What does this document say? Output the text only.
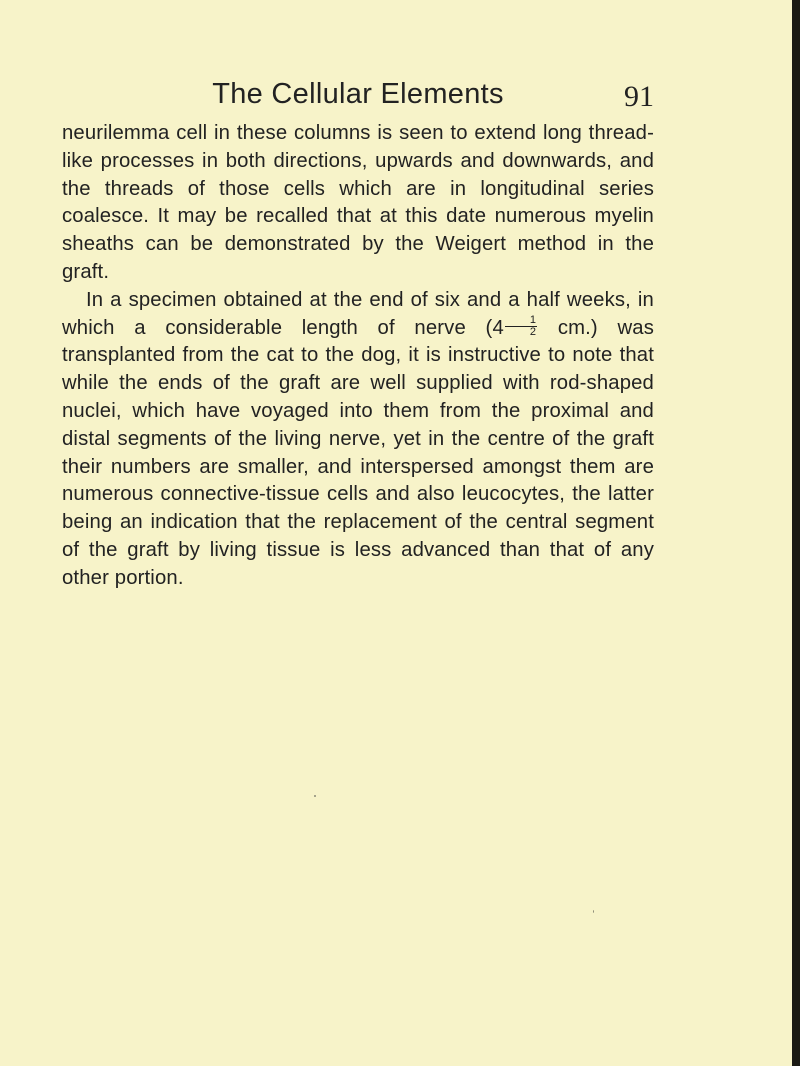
The Cellular Elements	91

neurilemma cell in these columns is seen to extend long thread-like processes in both directions, upwards and downwards, and the threads of those cells which are in longitudinal series coalesce. It may be recalled that at this date numerous myelin sheaths can be demonstrated by the Weigert method in the graft.

In a specimen obtained at the end of six and a half weeks, in which a considerable length of nerve $(4 \frac{1}{2} cm.)$ was transplanted from the cat to the dog, it is instructive to note that while the ends of the graft are well supplied with rod-shaped nuclei, which have voyaged into them from the proximal and distal segments of the living nerve, yet in the centre of the graft their numbers are smaller, and interspersed amongst them are numerous connective-tissue cells and also leucocytes, the latter being an indication that the replacement of the central segment of the graft by living tissue is less advanced than that of any other portion.
